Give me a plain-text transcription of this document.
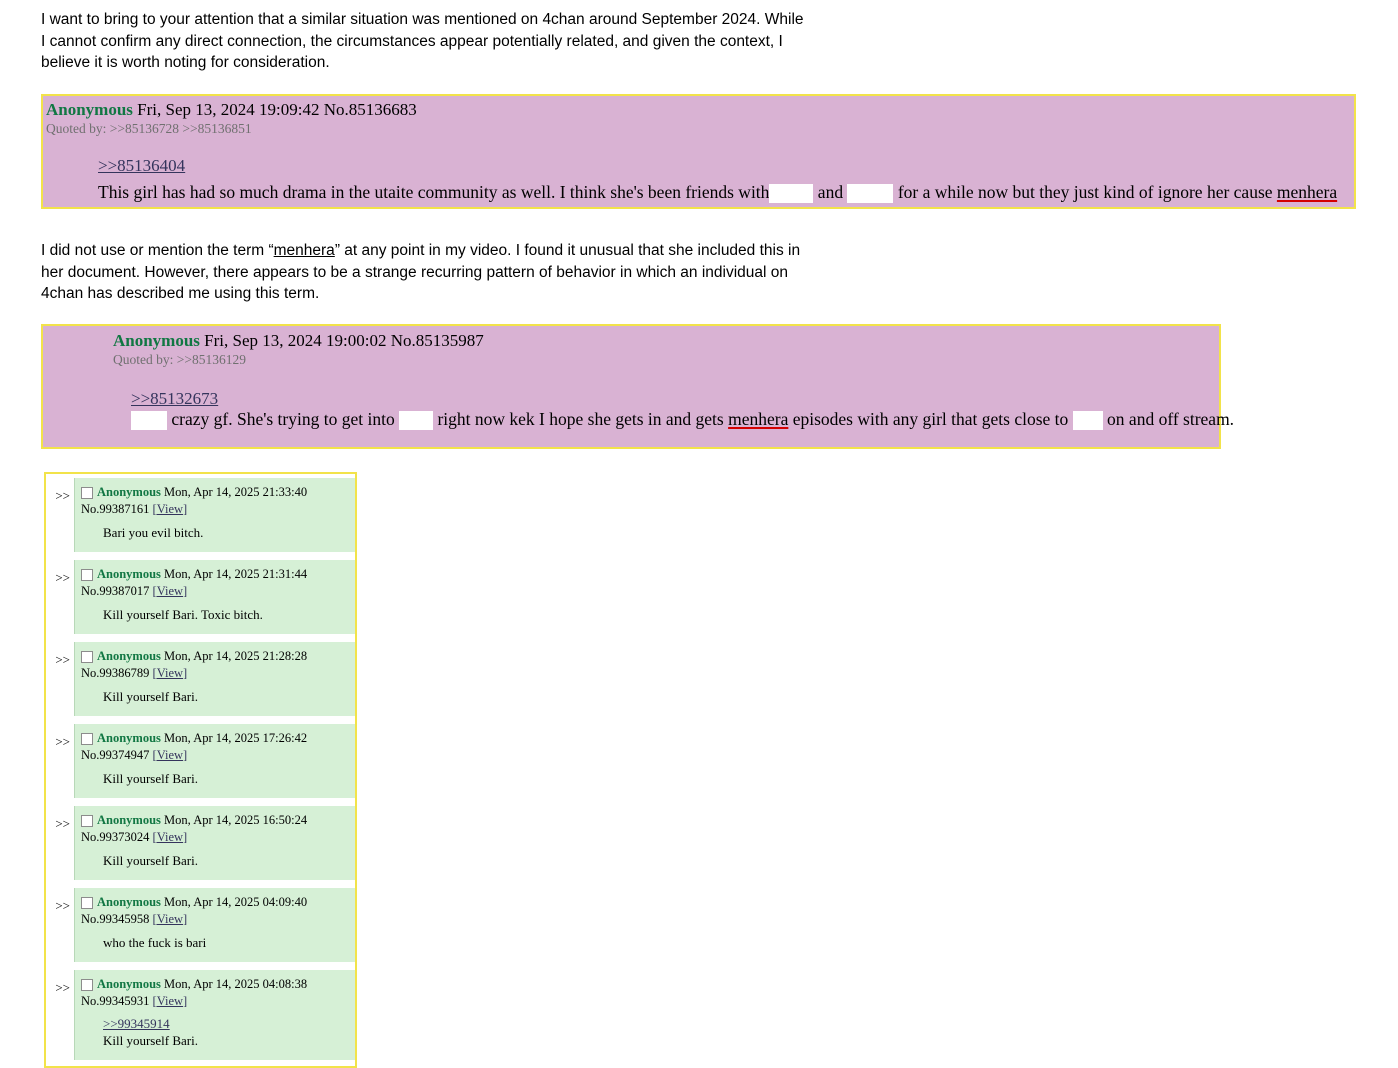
I want to bring to your attention that a similar situation was mentioned on 4chan around September 2024. While I cannot confirm any direct connection, the circumstances appear potentially related, and given the context, I believe it is worth noting for consideration.

Anonymous Fri, Sep 13, 2024 19:09:42 No.85136683
Quoted by: >>85136728 >>85136851
>>85136404
This girl has had so much drama in the utaite community as well. I think she's been friends with	and	for a while now but they just kind of ignore her cause menhera

I did not use or mention the term “menhera” at any point in my video. I found it unusual that she included this in her document. However, there appears to be a strange recurring pattern of behavior in which an individual on 4chan has described me using this term.

Anonymous Fri, Sep 13, 2024 19:00:02 No.85135987
Quoted by: >>85136129
>>85132673
crazy gf. She's trying to get into right now kek I hope she gets in and gets menhera episodes with any girl that gets close to on and off stream.
>>	Anonymous Mon, Apr 14, 2025 21:33:40
No.99387161 [View]
Bari you evil bitch.
>>	Anonymous Mon, Apr 14, 2025 21:31:44
No.99387017 [View]
Kill yourself Bari. Toxic bitch.
>>	Anonymous Mon, Apr 14, 2025 21:28:28
No.99386789 [View]
Kill yourself Bari.
>>	Anonymous Mon, Apr 14, 2025 17:26:42
No.99374947 [View]
Kill yourself Bari.
>>	Anonymous Mon, Apr 14, 2025 16:50:24
No.99373024 [View]
Kill yourself Bari.
>>	Anonymous Mon, Apr 14, 2025 04:09:40
No.99345958 [View]
who the fuck is bari
>>	Anonymous Mon, Apr 14, 2025 04:08:38
No.99345931 [View]
>>99345914
Kill yourself Bari.
